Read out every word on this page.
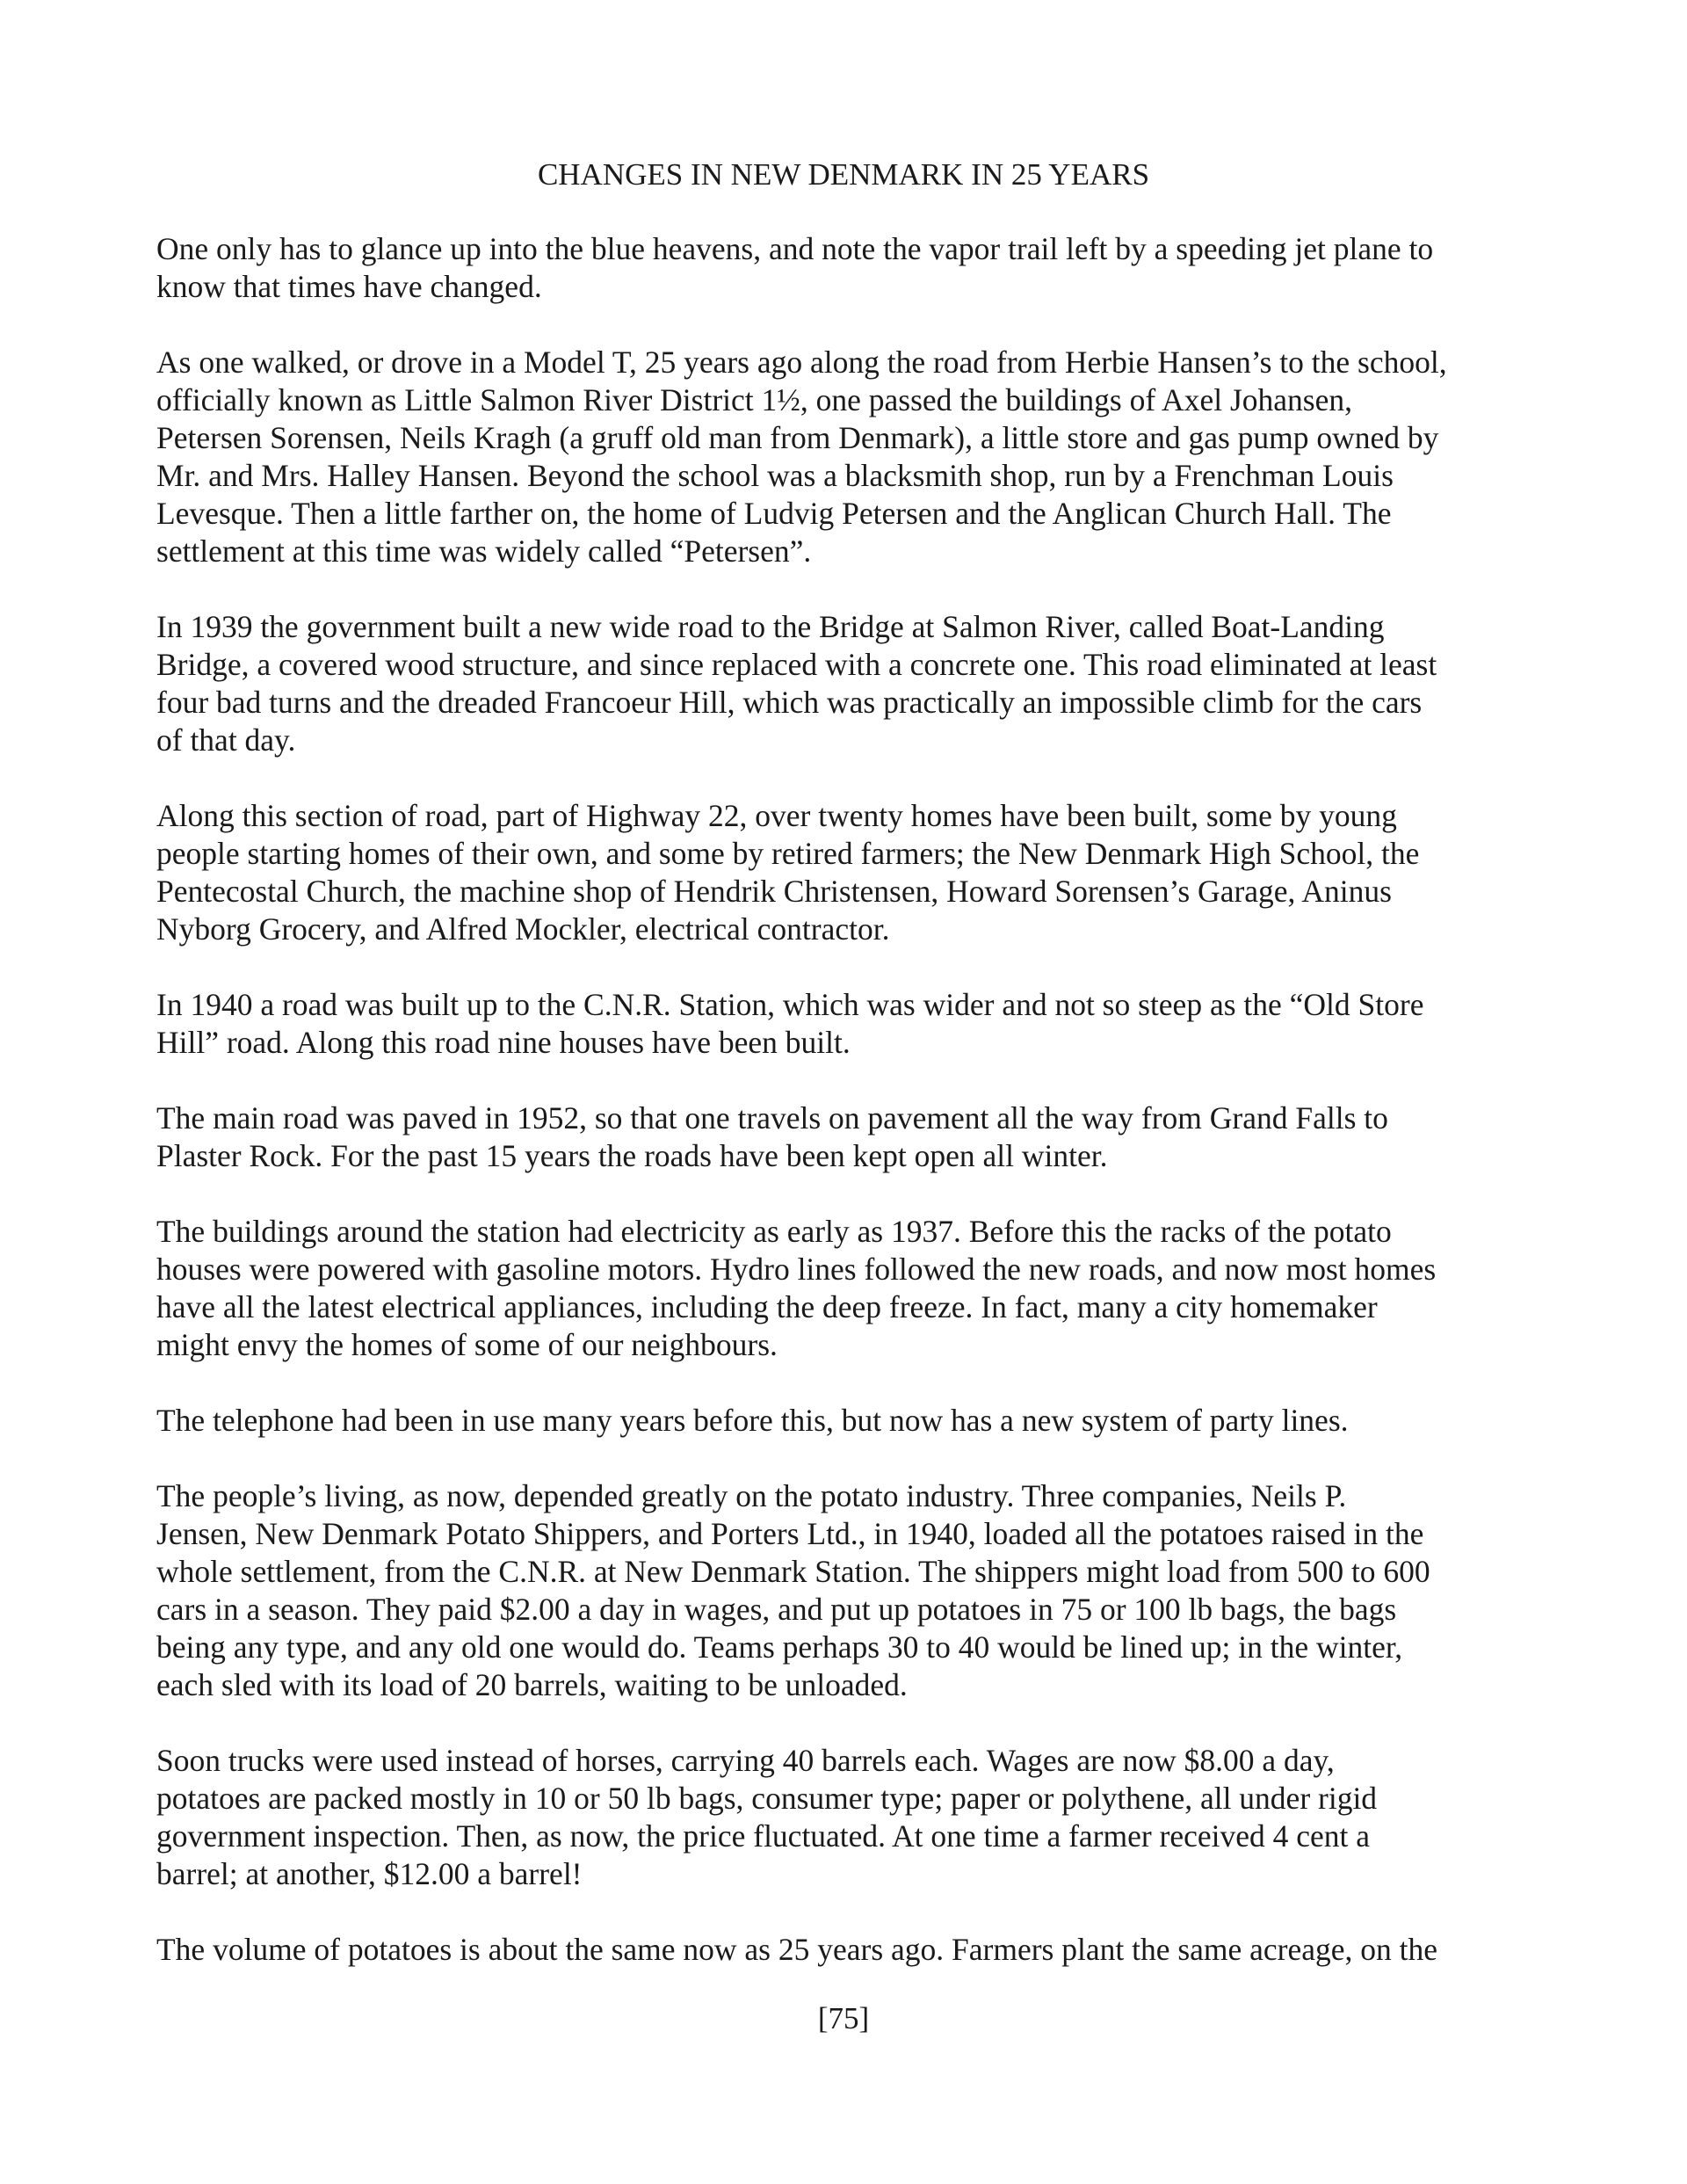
CHANGES IN NEW DENMARK IN 25 YEARS
One only has to glance up into the blue heavens, and note the vapor trail left by a speeding jet plane to
know that times have changed.
As one walked, or drove in a Model T, 25 years ago along the road from Herbie Hansen’s to the school,
officially known as Little Salmon River District 1½, one passed the buildings of Axel Johansen,
Petersen Sorensen, Neils Kragh (a gruff old man from Denmark), a little store and gas pump owned by
Mr. and Mrs. Halley Hansen. Beyond the school was a blacksmith shop, run by a Frenchman Louis
Levesque. Then a little farther on, the home of Ludvig Petersen and the Anglican Church Hall. The
settlement at this time was widely called “Petersen”.
In 1939 the government built a new wide road to the Bridge at Salmon River, called Boat-Landing
Bridge, a covered wood structure, and since replaced with a concrete one. This road eliminated at least
four bad turns and the dreaded Francoeur Hill, which was practically an impossible climb for the cars
of that day.
Along this section of road, part of Highway 22, over twenty homes have been built, some by young
people starting homes of their own, and some by retired farmers; the New Denmark High School, the
Pentecostal Church, the machine shop of Hendrik Christensen, Howard Sorensen’s Garage, Aninus
Nyborg Grocery, and Alfred Mockler, electrical contractor.
In 1940 a road was built up to the C.N.R. Station, which was wider and not so steep as the “Old Store
Hill” road. Along this road nine houses have been built.
The main road was paved in 1952, so that one travels on pavement all the way from Grand Falls to
Plaster Rock. For the past 15 years the roads have been kept open all winter.
The buildings around the station had electricity as early as 1937. Before this the racks of the potato
houses were powered with gasoline motors. Hydro lines followed the new roads, and now most homes
have all the latest electrical appliances, including the deep freeze. In fact, many a city homemaker
might envy the homes of some of our neighbours.
The telephone had been in use many years before this, but now has a new system of party lines.
The people’s living, as now, depended greatly on the potato industry. Three companies, Neils P.
Jensen, New Denmark Potato Shippers, and Porters Ltd., in 1940, loaded all the potatoes raised in the
whole settlement, from the C.N.R. at New Denmark Station. The shippers might load from 500 to 600
cars in a season. They paid $2.00 a day in wages, and put up potatoes in 75 or 100 lb bags, the bags
being any type, and any old one would do. Teams perhaps 30 to 40 would be lined up; in the winter,
each sled with its load of 20 barrels, waiting to be unloaded.
Soon trucks were used instead of horses, carrying 40 barrels each. Wages are now $8.00 a day,
potatoes are packed mostly in 10 or 50 lb bags, consumer type; paper or polythene, all under rigid
government inspection. Then, as now, the price fluctuated. At one time a farmer received 4 cent a
barrel; at another, $12.00 a barrel!
The volume of potatoes is about the same now as 25 years ago. Farmers plant the same acreage, on the
[75]
